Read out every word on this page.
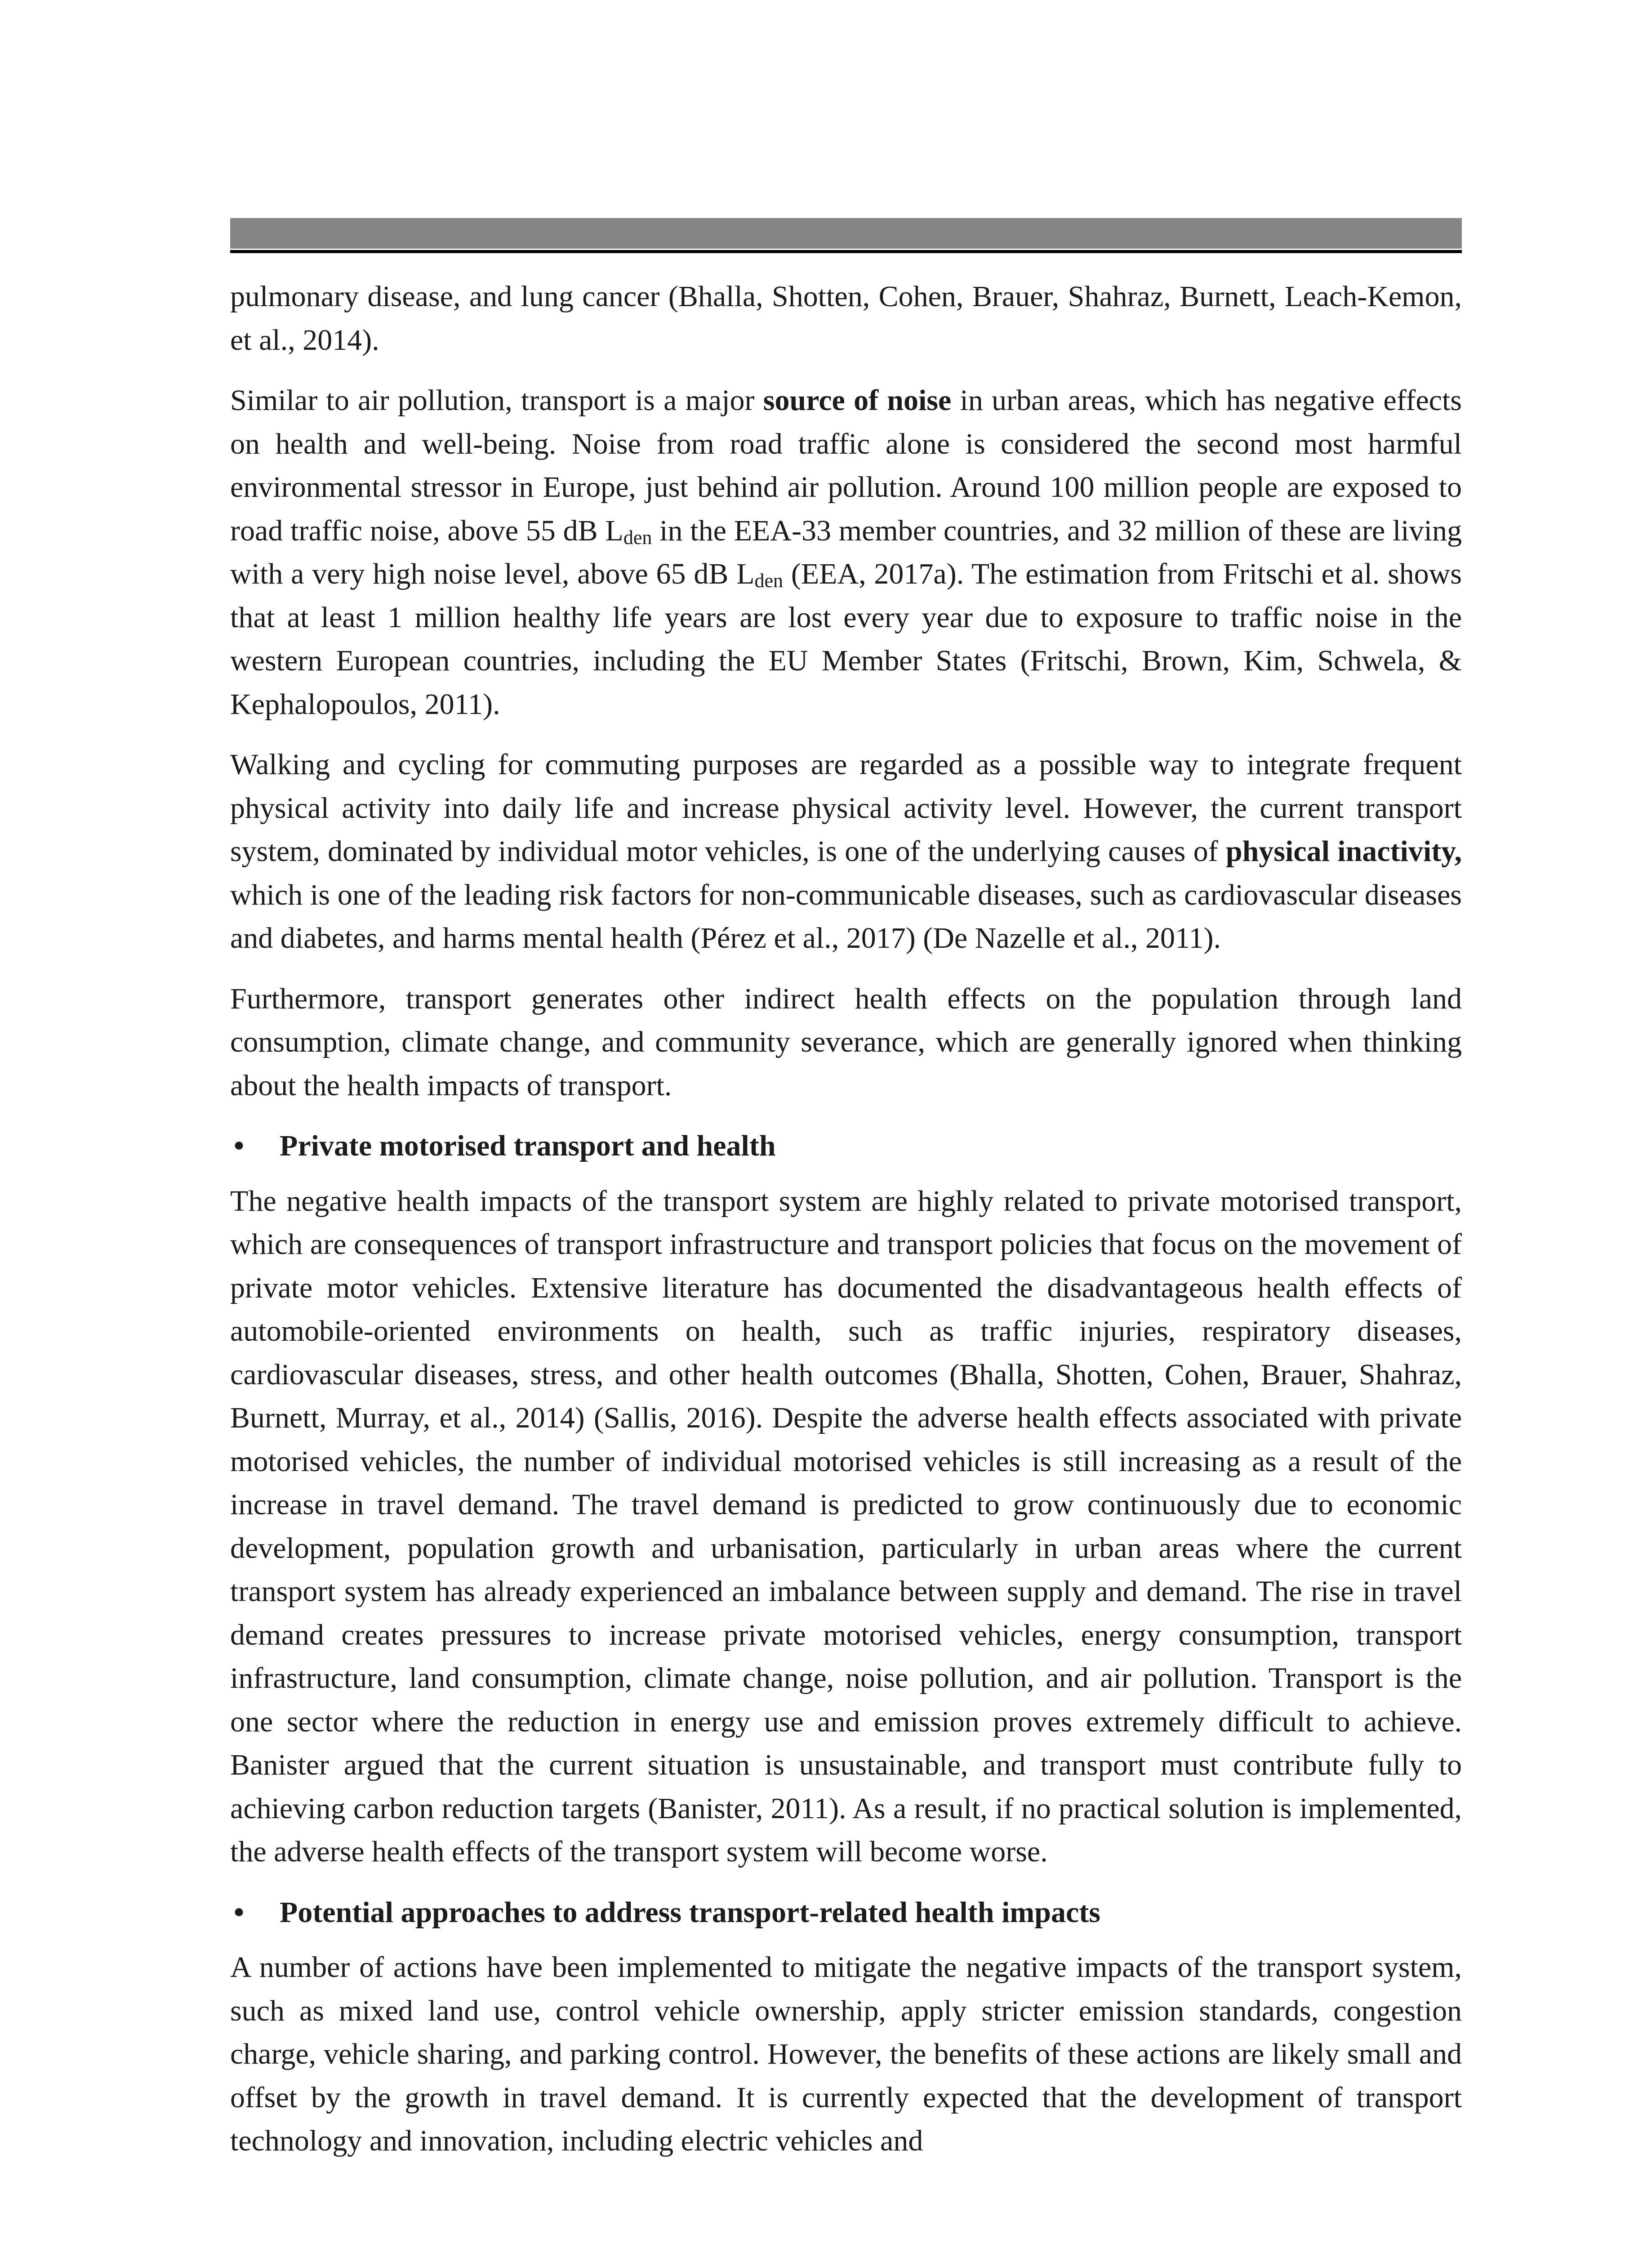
pulmonary disease, and lung cancer (Bhalla, Shotten, Cohen, Brauer, Shahraz, Burnett, Leach-Kemon, et al., 2014).

Similar to air pollution, transport is a major source of noise in urban areas, which has negative effects on health and well-being. Noise from road traffic alone is considered the second most harmful environmental stressor in Europe, just behind air pollution. Around 100 million people are exposed to road traffic noise, above 55 dB $L_{den}$ in the EEA-33 member countries, and 32 million of these are living with a very high noise level, above 65 dB $L_{den}$ (EEA, 2017a). The estimation from Fritschi et al. shows that at least 1 million healthy life years are lost every year due to exposure to traffic noise in the western European countries, including the EU Member States (Fritschi, Brown, Kim, Schwela, & Kephalopoulos, 2011).

Walking and cycling for commuting purposes are regarded as a possible way to integrate frequent physical activity into daily life and increase physical activity level. However, the current transport system, dominated by individual motor vehicles, is one of the underlying causes of physical inactivity, which is one of the leading risk factors for non-communicable diseases, such as cardiovascular diseases and diabetes, and harms mental health (Pérez et al., 2017) (De Nazelle et al., 2011).

Furthermore, transport generates other indirect health effects on the population through land consumption, climate change, and community severance, which are generally ignored when thinking about the health impacts of transport.

•	Private motorised transport and health

The negative health impacts of the transport system are highly related to private motorised transport, which are consequences of transport infrastructure and transport policies that focus on the movement of private motor vehicles. Extensive literature has documented the disadvantageous health effects of automobile-oriented environments on health, such as traffic injuries, respiratory diseases, cardiovascular diseases, stress, and other health outcomes (Bhalla, Shotten, Cohen, Brauer, Shahraz, Burnett, Murray, et al., 2014) (Sallis, 2016). Despite the adverse health effects associated with private motorised vehicles, the number of individual motorised vehicles is still increasing as a result of the increase in travel demand. The travel demand is predicted to grow continuously due to economic development, population growth and urbanisation, particularly in urban areas where the current transport system has already experienced an imbalance between supply and demand. The rise in travel demand creates pressures to increase private motorised vehicles, energy consumption, transport infrastructure, land consumption, climate change, noise pollution, and air pollution. Transport is the one sector where the reduction in energy use and emission proves extremely difficult to achieve. Banister argued that the current situation is unsustainable, and transport must contribute fully to achieving carbon reduction targets (Banister, 2011). As a result, if no practical solution is implemented, the adverse health effects of the transport system will become worse.

•	Potential approaches to address transport-related health impacts

A number of actions have been implemented to mitigate the negative impacts of the transport system, such as mixed land use, control vehicle ownership, apply stricter emission standards, congestion charge, vehicle sharing, and parking control. However, the benefits of these actions are likely small and offset by the growth in travel demand. It is currently expected that the development of transport technology and innovation, including electric vehicles and
